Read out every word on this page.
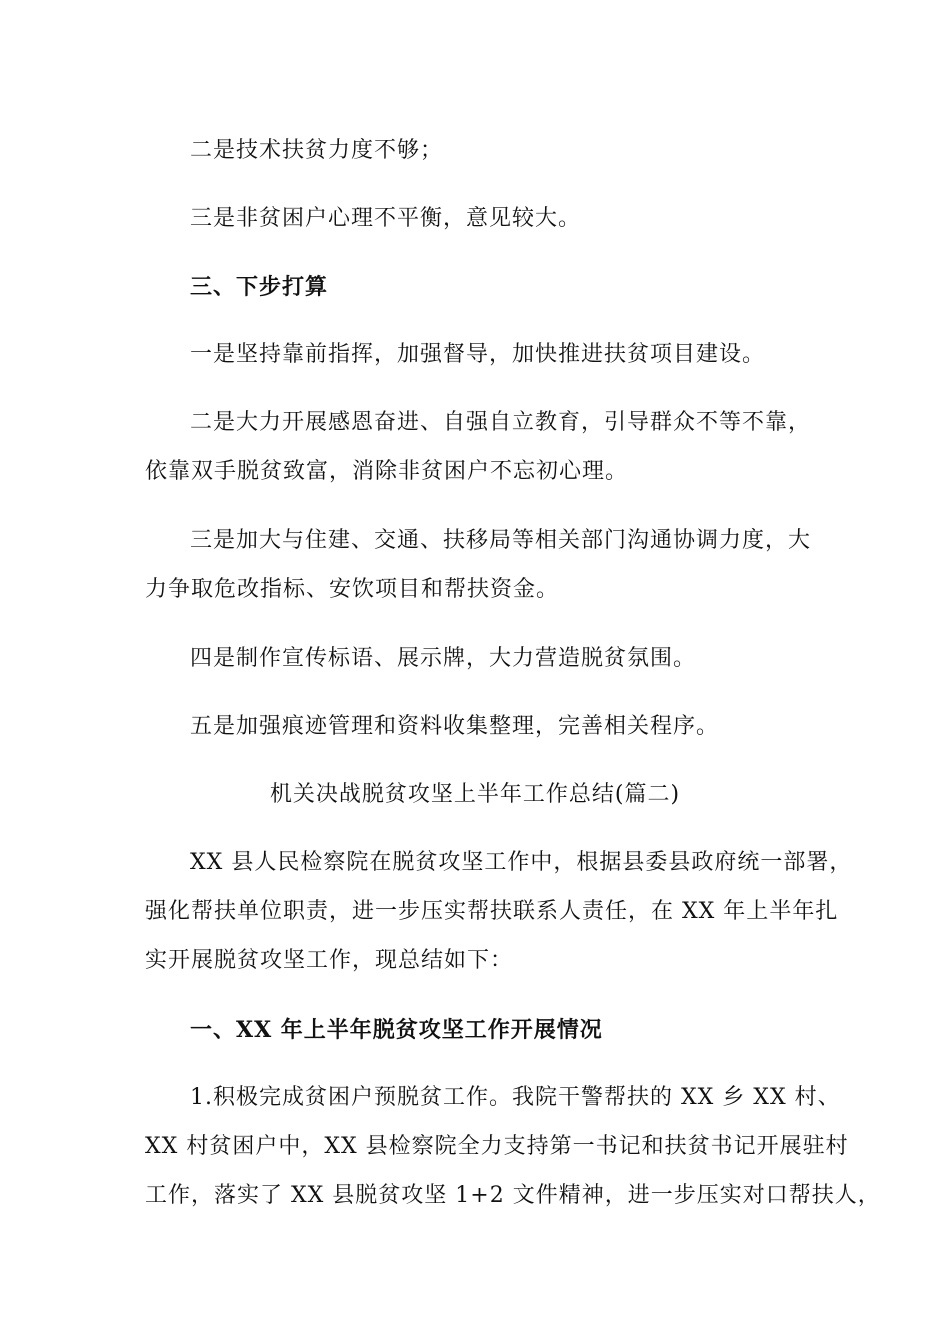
二是技术扶贫力度不够；
三是非贫困户心理不平衡，意见较大。
三、下步打算
一是坚持靠前指挥，加强督导，加快推进扶贫项目建设。
二是大力开展感恩奋进、自强自立教育，引导群众不等不靠，
依靠双手脱贫致富，消除非贫困户不忘初心理。
三是加大与住建、交通、扶移局等相关部门沟通协调力度，大
力争取危改指标、安饮项目和帮扶资金。
四是制作宣传标语、展示牌，大力营造脱贫氛围。
五是加强痕迹管理和资料收集整理，完善相关程序。
机关决战脱贫攻坚上半年工作总结(篇二)
XX 县人民检察院在脱贫攻坚工作中，根据县委县政府统一部署，
强化帮扶单位职责，进一步压实帮扶联系人责任，在 XX 年上半年扎
实开展脱贫攻坚工作，现总结如下：
一、XX 年上半年脱贫攻坚工作开展情况
1.积极完成贫困户预脱贫工作。我院干警帮扶的 XX 乡 XX 村、
XX 村贫困户中，XX 县检察院全力支持第一书记和扶贫书记开展驻村
工作，落实了 XX 县脱贫攻坚 1+2 文件精神，进一步压实对口帮扶人，
